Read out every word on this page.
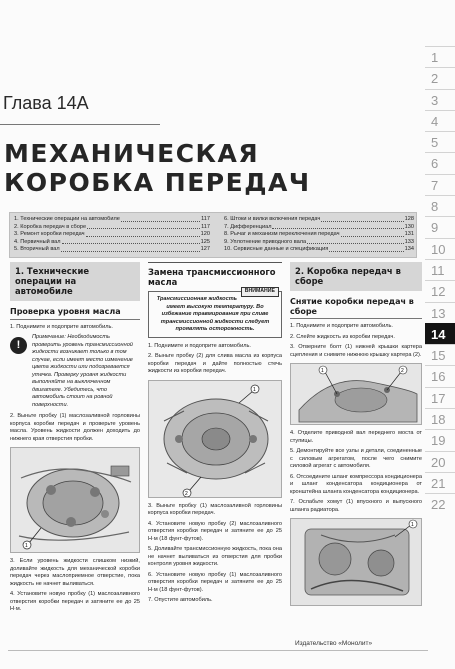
Глава 14А
МЕХАНИЧЕСКАЯ
КОРОБКА ПЕРЕДАЧ
1. Технические операции на автомобиле	117
2. Коробка передач в сборе	117
3. Ремонт коробки передач	120
4. Первичный вал	125
5. Вторичный вал	127
6. Штоки и вилки включения передач	128
7. Дифференциал	130
8. Рычаг и механизм переключения передач	131
9. Уплотнение приводного вала	133
10. Сервисные данные и спецификация	134
1. Технические операции на автомобиле
Проверка уровня масла

1. Поднимите и подоприте автомобиль.

!
Примечание: Необходимость проверить уровень трансмиссионной жидкости возникает только в том случае, если имеет место изменение цвета жидкости или подозревается утечка. Проверку уровня жидкости выполняйте на выключенном двигателе. Убедитесь, что автомобиль стоит на ровной поверхности.

2. Выньте пробку (1) маслозаливной горловины корпуса коробки передач и проверьте уровень масла. Уровень жидкости должен доходить до нижнего края отверстия пробки.

1

3. Если уровень жидкости слишком низкий, доливайте жидкость для механической коробки передач через маслоприемное отверстие, пока жидкость не начнет выливаться.

4. Установите новую пробку (1) маслозаливного отверстия коробки передач и затяните ее до 25 Н·м.

Замена трансмиссионного масла
ВНИМАНИЕ
Трансмиссионная жидкость имеет высокую температуру. Во избежание травмирования при сливе трансмиссионной жидкости следует проявлять осторожность.

1. Поднимите и подоприте автомобиль.

2. Выньте пробку (2) для слива масла из корпуса коробки передач и дайте полностью стечь жидкости из коробки передач.

2
1

3. Выньте пробку (1) маслозаливной горловины корпуса коробки передач.

4. Установите новую пробку (2) маслозаливного отверстия коробки передач и затяните ее до 25 Н·м (18 фунт-футов).

5. Доливайте трансмиссионную жидкость, пока она не начнет выливаться из отверстия для пробки контроля уровня жидкости.

6. Установите новую пробку (1) маслозаливного отверстия коробки передач и затяните ее до 25 Н·м (18 фунт-футов).

7. Опустите автомобиль.

2. Коробка передач в сборе
Снятие коробки передач в сборе

1. Поднимите и подоприте автомобиль.

2. Слейте жидкость из коробки передач.

3. Отверните болт (1) нижней крышки картера сцепления и снимите нижнюю крышку картера (2).

1	2

4. Отделите приводной вал переднего моста от ступицы.

5. Демонтируйте все узлы и детали, соединенные с силовым агрегатом, после чего снимите силовой агрегат с автомобиля.

6. Отсоедините шланг компрессора кондиционера и шланг конденсатора кондиционера от кронштейна шланга конденсатора кондиционера.

7. Ослабьте хомут (1) впускного и выпускного шланга радиатора.

1
1
2
3
4
5
6
7
8
9
10
11
12
13
14
15
16
17
18
19
20
21
22
Издательство «Монолит»
